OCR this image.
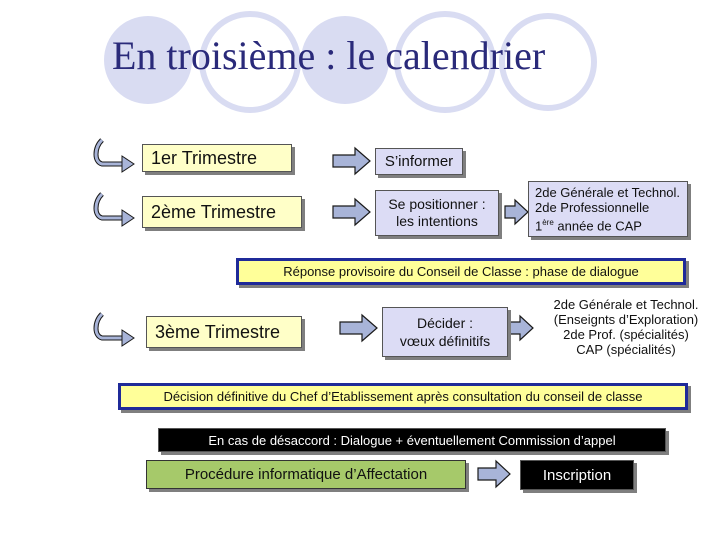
En troisième : le calendrier
1er Trimestre	S’informer
2ème Trimestre	Se positionner :
les intentions
2de Générale et Technol.
2de Professionnelle
1ère année de CAP
Réponse provisoire du Conseil de Classe : phase de dialogue
3ème Trimestre	Décider :
vœux définitifs
2de Générale et Technol.
(Enseignts d’Exploration)
2de Prof. (spécialités)
CAP (spécialités)
Décision définitive du Chef d’Etablissement après consultation du conseil de classe
En cas de désaccord : Dialogue + éventuellement Commission d’appel
Procédure informatique d’Affectation	Inscription
